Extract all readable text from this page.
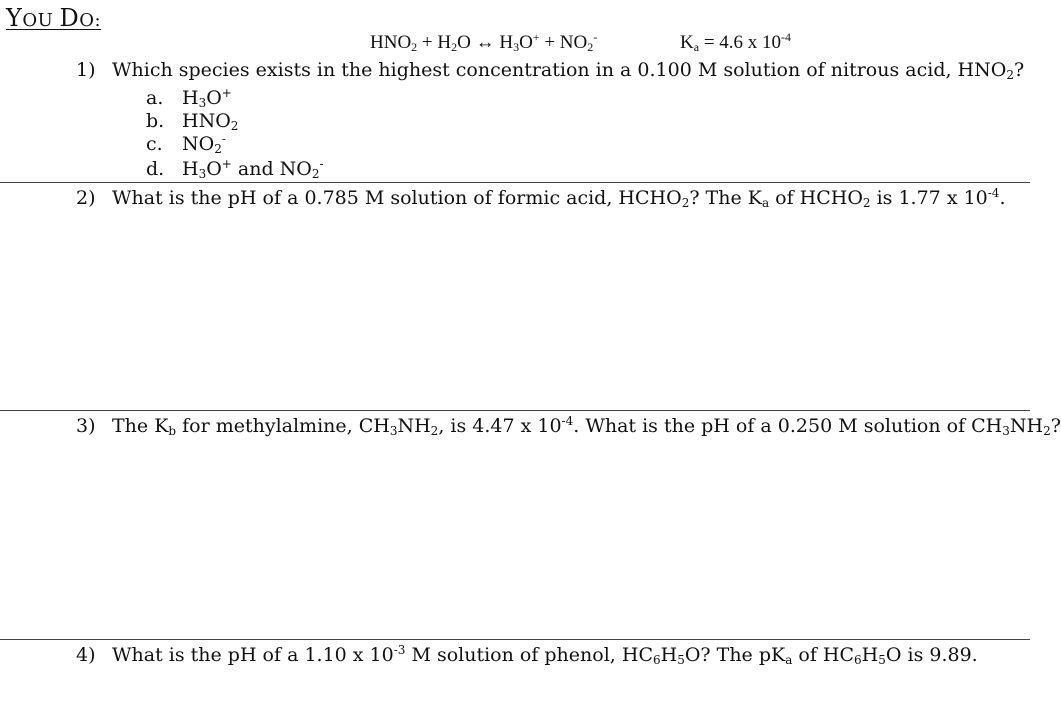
YOU DO:
$HNO_2 + H_2O$ ↔ $H_3O^+ + NO_2^-$	$K_a = 4.6$ x $10^{-4}$
1) Which species exists in the highest concentration in a 0.100 M solution of nitrous acid, $HNO_2$?
a. $H_3O^+$
b. $HNO_2$
c. $NO_2^-$
d. $H_3O^+$ and $NO_2^-$
2) What is the pH of a 0.785 M solution of formic acid, $HCHO_2$? The $K_a$ of $HCHO_2$ is 1.77 x $10^{-4}$.
3) The $K_b$ for methylalmine, $CH_3NH_2$, is 4.47 x $10^{-4}$. What is the pH of a 0.250 M solution of $CH_3NH_2$?
4) What is the pH of a 1.10 x $10^{-3}$ M solution of phenol, $HC_6H_5O$? The $pK_a$ of $HC_6H_5O$ is 9.89.
